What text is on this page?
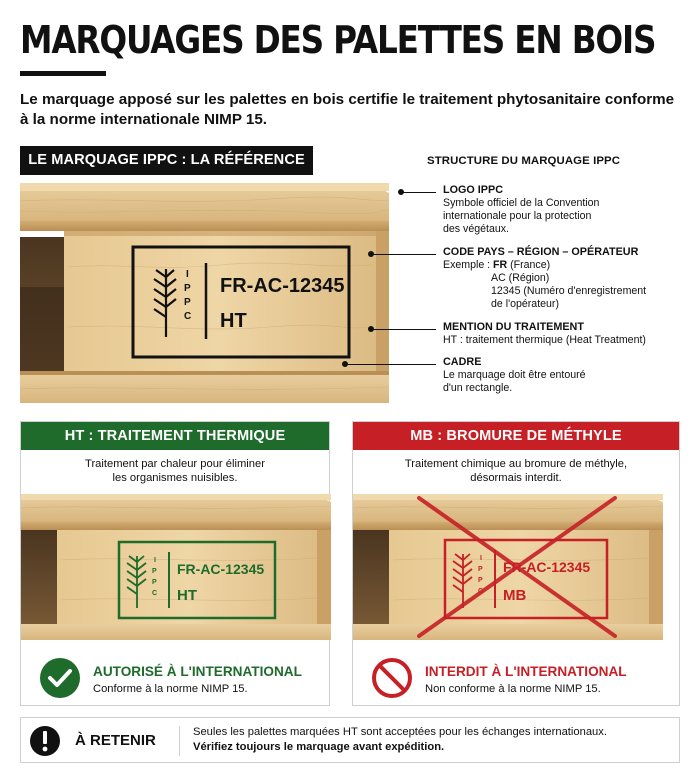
MARQUAGES DES PALETTES EN BOIS
Le marquage apposé sur les palettes en bois certifie le traitement phytosanitaire conforme à la norme internationale NIMP 15.
LE MARQUAGE IPPC : LA RÉFÉRENCE	STRUCTURE DU MARQUAGE IPPC
I
P
P
C
FR-AC-12345
HT
LOGO IPPC
Symbole officiel de la Convention
internationale pour la protection
des végétaux.
CODE PAYS – RÉGION – OPÉRATEUR
Exemple : FR (France)
AC (Région)
12345 (Numéro d'enregistrement
de l'opérateur)
MENTION DU TRAITEMENT
HT : traitement thermique (Heat Treatment)
CADRE
Le marquage doit être entouré
d'un rectangle.
HT : TRAITEMENT THERMIQUE
Traitement par chaleur pour éliminer
les organismes nuisibles.
I
P
P
C
FR-AC-12345
HT
AUTORISÉ À L'INTERNATIONAL
Conforme à la norme NIMP 15.
MB : BROMURE DE MÉTHYLE
Traitement chimique au bromure de méthyle,
désormais interdit.
I
P
P
FR-AC-12345
MB
INTERDIT À L'INTERNATIONAL
Non conforme à la norme NIMP 15.
À RETENIR	Seules les palettes marquées HT sont acceptées pour les échanges internationaux.
Vérifiez toujours le marquage avant expédition.
